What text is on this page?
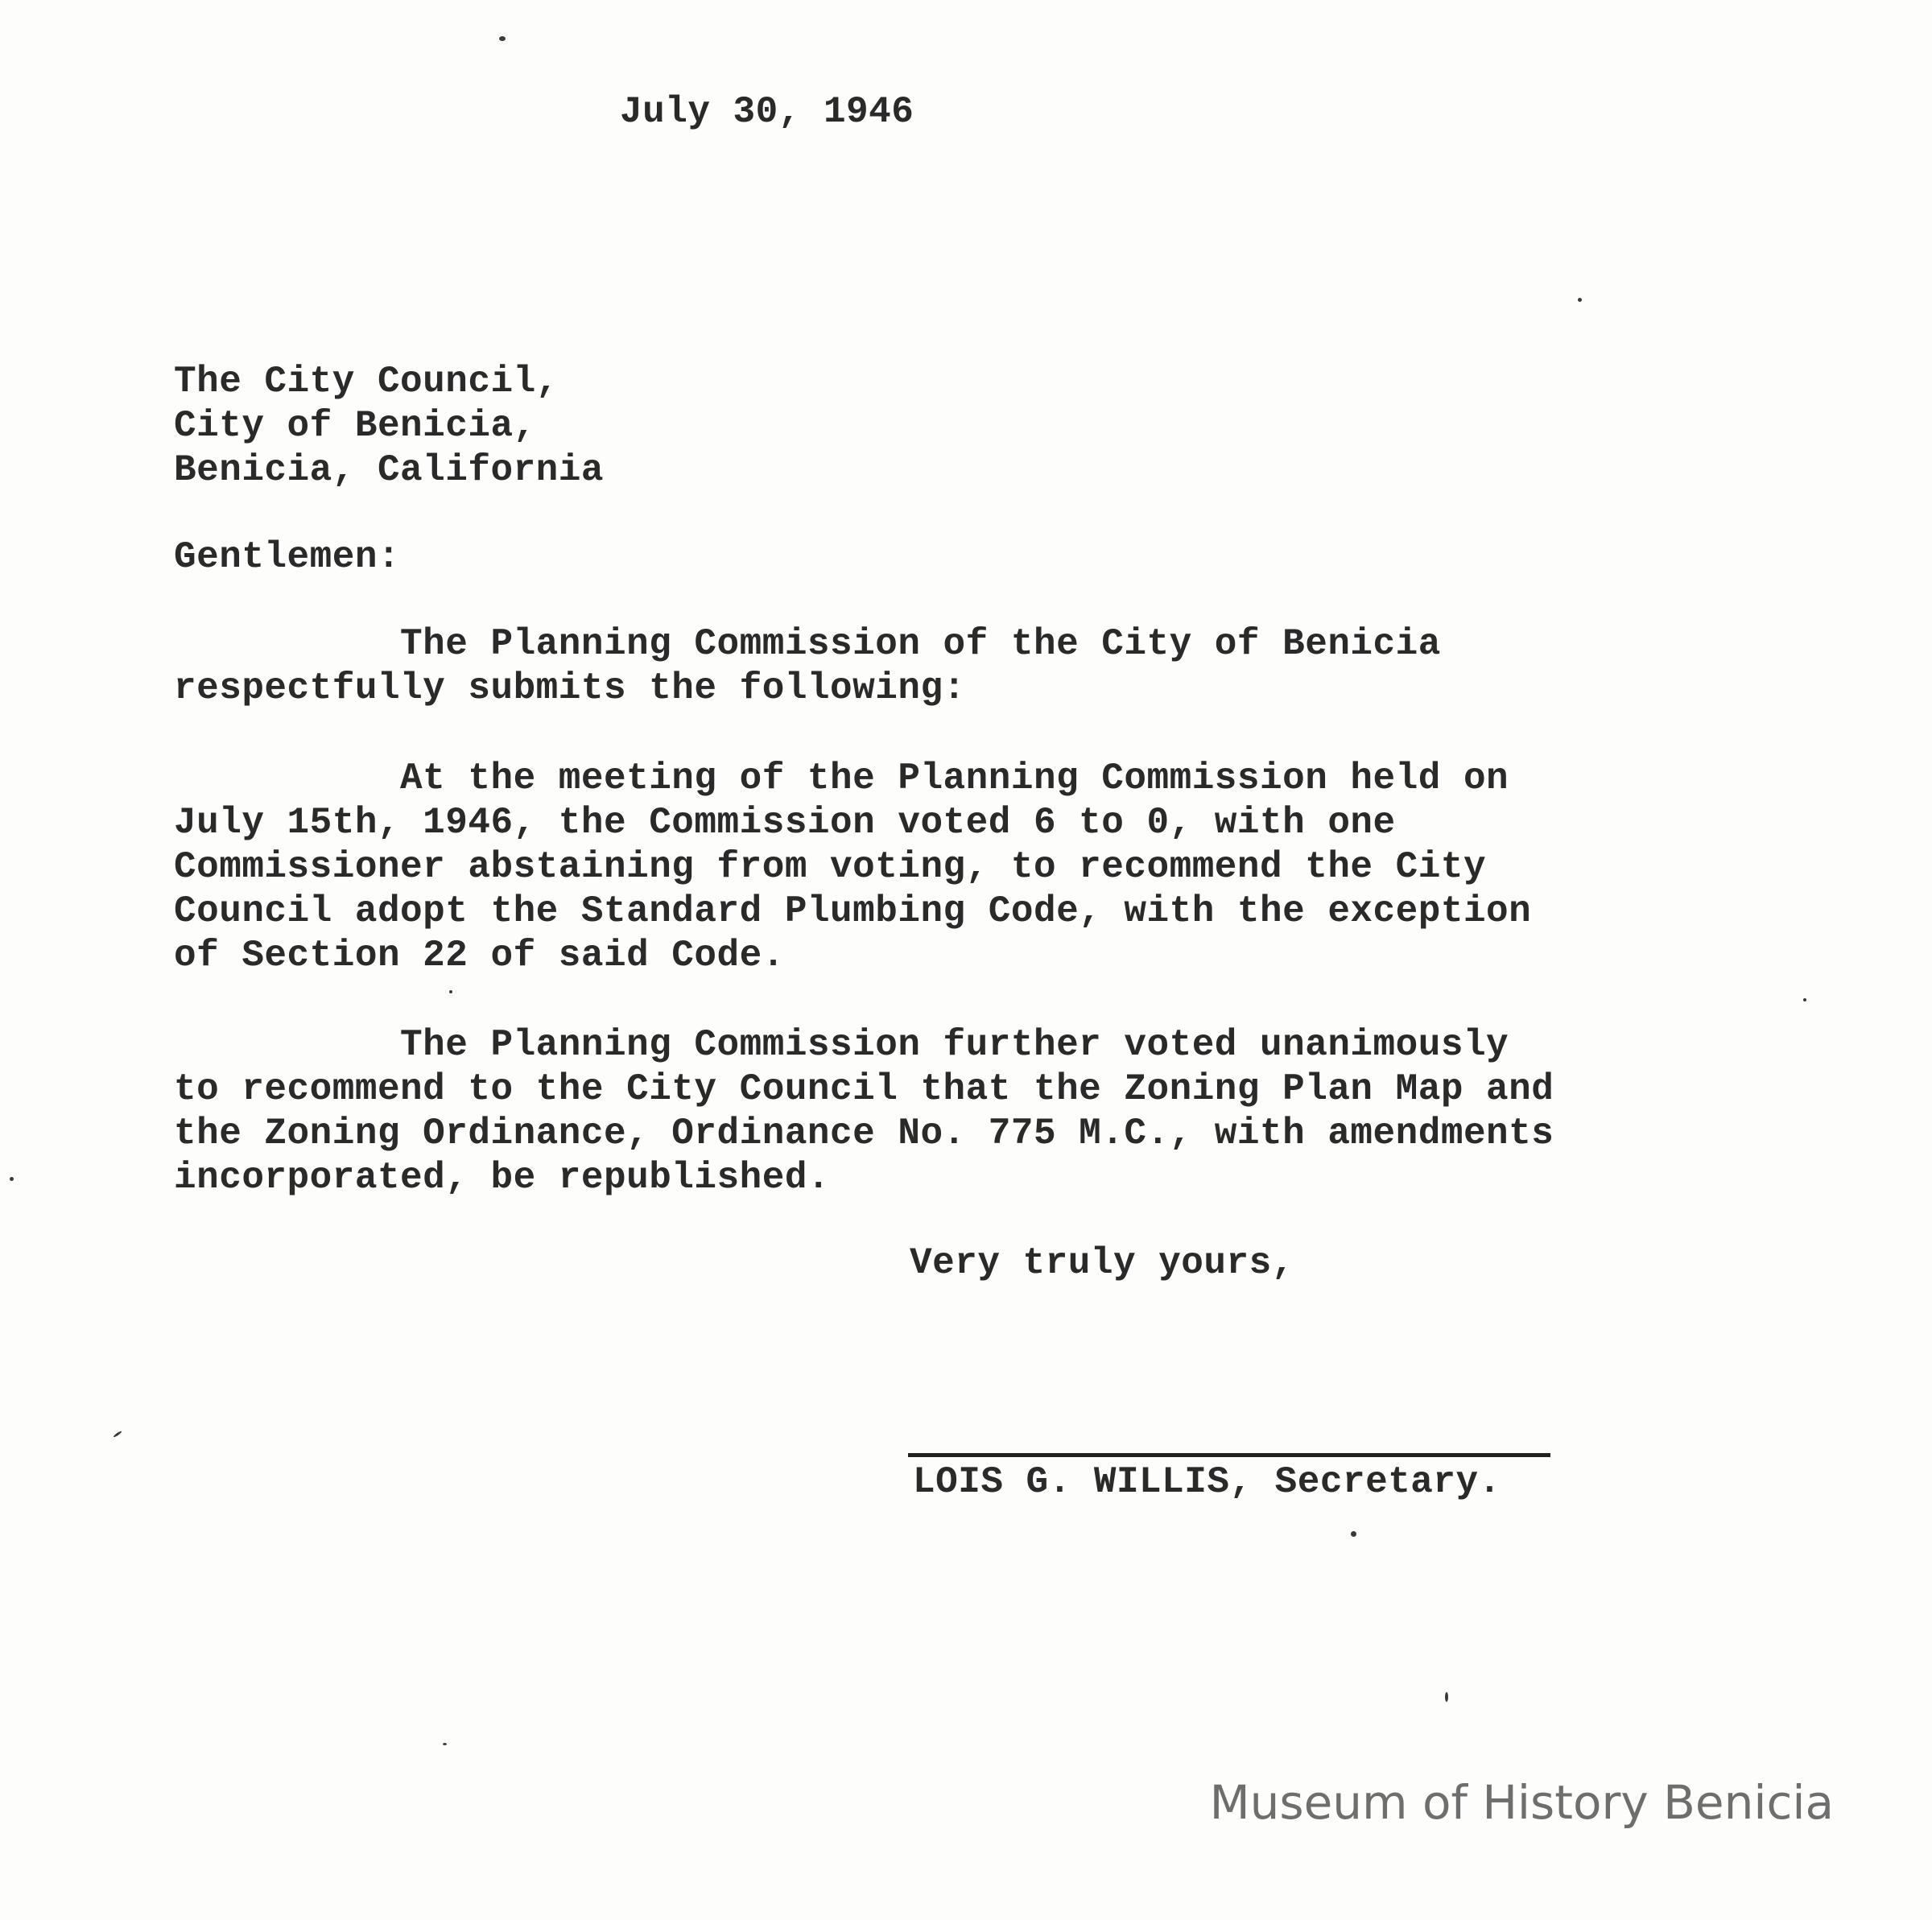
July 30, 1946
The City Council,
City of Benicia,
Benicia, California
Gentlemen:
The Planning Commission of the City of Benicia
respectfully submits the following:
At the meeting of the Planning Commission held on
July 15th, 1946, the Commission voted 6 to 0, with one
Commissioner abstaining from voting, to recommend the City
Council adopt the Standard Plumbing Code, with the exception
of Section 22 of said Code.
The Planning Commission further voted unanimously
to recommend to the City Council that the Zoning Plan Map and
the Zoning Ordinance, Ordinance No. 775 M.C., with amendments
incorporated, be republished.
Very truly yours,
LOIS G. WILLIS, Secretary.
Museum of History Benicia
